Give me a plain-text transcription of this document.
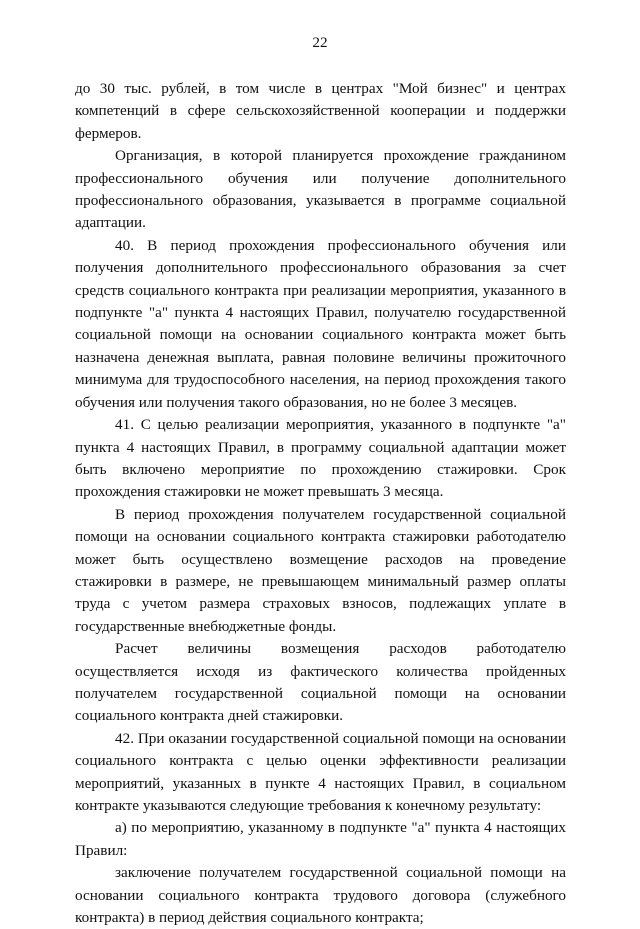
22

до 30 тыс. рублей, в том числе в центрах "Мой бизнес" и центрах компетенций в сфере сельскохозяйственной кооперации и поддержки фермеров.

Организация, в которой планируется прохождение гражданином профессионального обучения или получение дополнительного профессионального образования, указывается в программе социальной адаптации.

40. В период прохождения профессионального обучения или получения дополнительного профессионального образования за счет средств социального контракта при реализации мероприятия, указанного в подпункте "а" пункта 4 настоящих Правил, получателю государственной социальной помощи на основании социального контракта может быть назначена денежная выплата, равная половине величины прожиточного минимума для трудоспособного населения, на период прохождения такого обучения или получения такого образования, но не более 3 месяцев.

41. С целью реализации мероприятия, указанного в подпункте "а" пункта 4 настоящих Правил, в программу социальной адаптации может быть включено мероприятие по прохождению стажировки. Срок прохождения стажировки не может превышать 3 месяца.

В период прохождения получателем государственной социальной помощи на основании социального контракта стажировки работодателю может быть осуществлено возмещение расходов на проведение стажировки в размере, не превышающем минимальный размер оплаты труда с учетом размера страховых взносов, подлежащих уплате в государственные внебюджетные фонды.

Расчет величины возмещения расходов работодателю осуществляется исходя из фактического количества пройденных получателем государственной социальной помощи на основании социального контракта дней стажировки.

42. При оказании государственной социальной помощи на основании социального контракта с целью оценки эффективности реализации мероприятий, указанных в пункте 4 настоящих Правил, в социальном контракте указываются следующие требования к конечному результату:

а) по мероприятию, указанному в подпункте "а" пункта 4 настоящих Правил:

заключение получателем государственной социальной помощи на основании социального контракта трудового договора (служебного контракта) в период действия социального контракта;
